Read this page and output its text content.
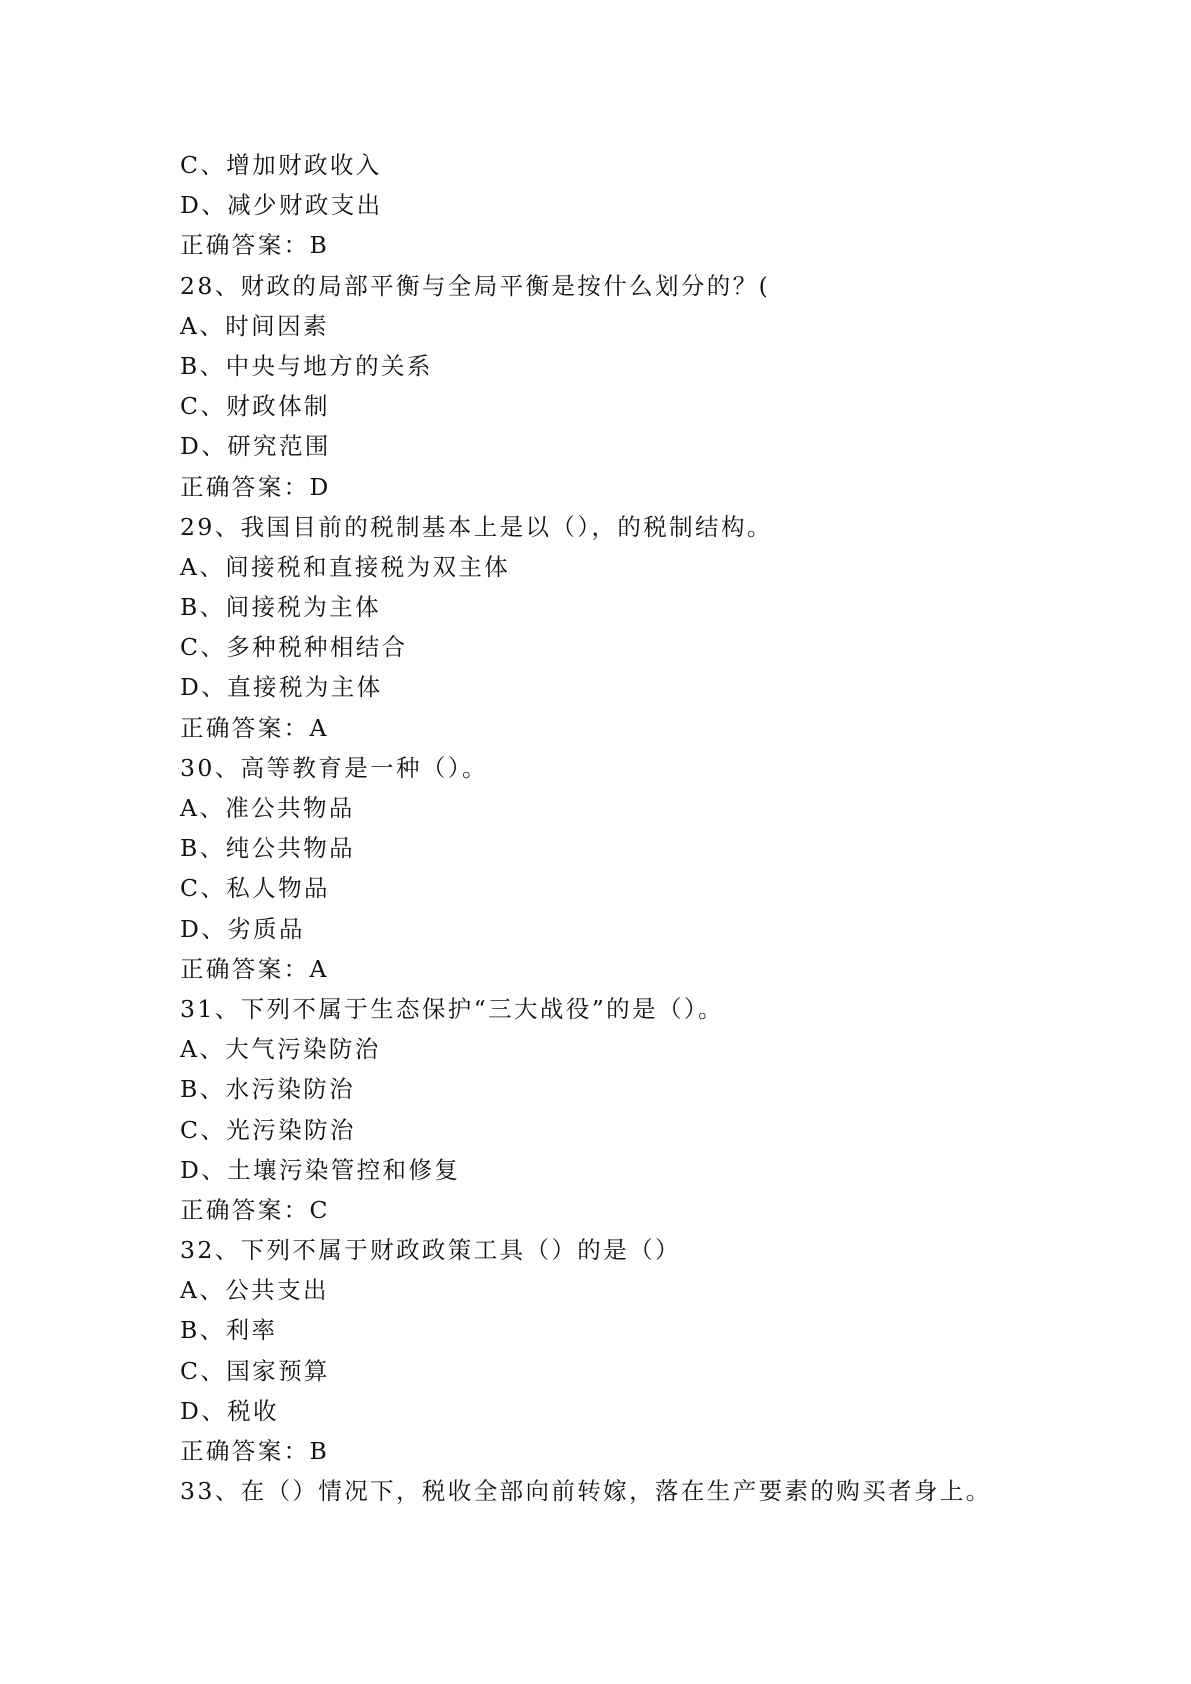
C、增加财政收入
D、减少财政支出
正确答案：B
28、财政的局部平衡与全局平衡是按什么划分的？(
A、时间因素
B、中央与地方的关系
C、财政体制
D、研究范围
正确答案：D
29、我国目前的税制基本上是以（），的税制结构。
A、间接税和直接税为双主体
B、间接税为主体
C、多种税种相结合
D、直接税为主体
正确答案：A
30、高等教育是一种（）。
A、准公共物品
B、纯公共物品
C、私人物品
D、劣质品
正确答案：A
31、下列不属于生态保护“三大战役”的是（）。
A、大气污染防治
B、水污染防治
C、光污染防治
D、土壤污染管控和修复
正确答案：C
32、下列不属于财政政策工具（）的是（）
A、公共支出
B、利率
C、国家预算
D、税收
正确答案：B
33、在（）情况下，税收全部向前转嫁，落在生产要素的购买者身上。
